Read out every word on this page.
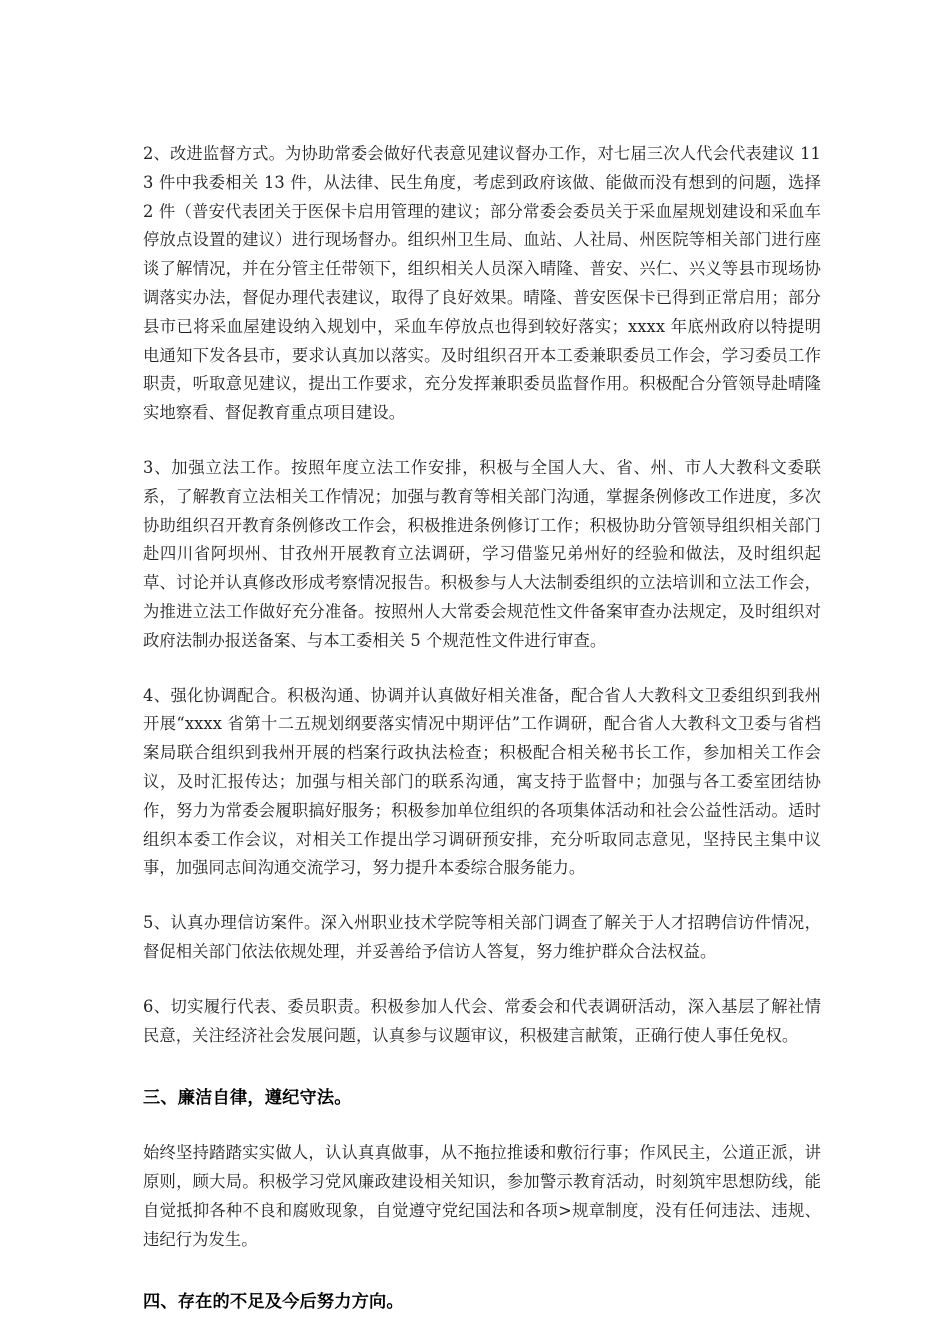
2、改进监督方式。为协助常委会做好代表意见建议督办工作，对七届三次人代会代表建议 113 件中我委相关 13 件，从法律、民生角度，考虑到政府该做、能做而没有想到的问题，选择 2 件（普安代表团关于医保卡启用管理的建议；部分常委会委员关于采血屋规划建设和采血车停放点设置的建议）进行现场督办。组织州卫生局、血站、人社局、州医院等相关部门进行座谈了解情况，并在分管主任带领下，组织相关人员深入晴隆、普安、兴仁、兴义等县市现场协调落实办法，督促办理代表建议，取得了良好效果。晴隆、普安医保卡已得到正常启用；部分县市已将采血屋建设纳入规划中，采血车停放点也得到较好落实；xxxx 年底州政府以特提明电通知下发各县市，要求认真加以落实。及时组织召开本工委兼职委员工作会，学习委员工作职责，听取意见建议，提出工作要求，充分发挥兼职委员监督作用。积极配合分管领导赴晴隆实地察看、督促教育重点项目建设。

3、加强立法工作。按照年度立法工作安排，积极与全国人大、省、州、市人大教科文委联系，了解教育立法相关工作情况；加强与教育等相关部门沟通，掌握条例修改工作进度，多次协助组织召开教育条例修改工作会，积极推进条例修订工作；积极协助分管领导组织相关部门赴四川省阿坝州、甘孜州开展教育立法调研，学习借鉴兄弟州好的经验和做法，及时组织起草、讨论并认真修改形成考察情况报告。积极参与人大法制委组织的立法培训和立法工作会，为推进立法工作做好充分准备。按照州人大常委会规范性文件备案审查办法规定，及时组织对政府法制办报送备案、与本工委相关 5 个规范性文件进行审查。

4、强化协调配合。积极沟通、协调并认真做好相关准备，配合省人大教科文卫委组织到我州开展“xxxx 省第十二五规划纲要落实情况中期评估”工作调研，配合省人大教科文卫委与省档案局联合组织到我州开展的档案行政执法检查；积极配合相关秘书长工作，参加相关工作会议，及时汇报传达；加强与相关部门的联系沟通，寓支持于监督中；加强与各工委室团结协作，努力为常委会履职搞好服务；积极参加单位组织的各项集体活动和社会公益性活动。适时组织本委工作会议，对相关工作提出学习调研预安排，充分听取同志意见，坚持民主集中议事，加强同志间沟通交流学习，努力提升本委综合服务能力。

5、认真办理信访案件。深入州职业技术学院等相关部门调查了解关于人才招聘信访件情况，督促相关部门依法依规处理，并妥善给予信访人答复，努力维护群众合法权益。

6、切实履行代表、委员职责。积极参加人代会、常委会和代表调研活动，深入基层了解社情民意，关注经济社会发展问题，认真参与议题审议，积极建言献策，正确行使人事任免权。

三、廉洁自律，遵纪守法。

始终坚持踏踏实实做人，认认真真做事，从不拖拉推诿和敷衍行事；作风民主，公道正派，讲原则，顾大局。积极学习党风廉政建设相关知识，参加警示教育活动，时刻筑牢思想防线，能自觉抵抑各种不良和腐败现象，自觉遵守党纪国法和各项>规章制度，没有任何违法、违规、违纪行为发生。

四、存在的不足及今后努力方向。
